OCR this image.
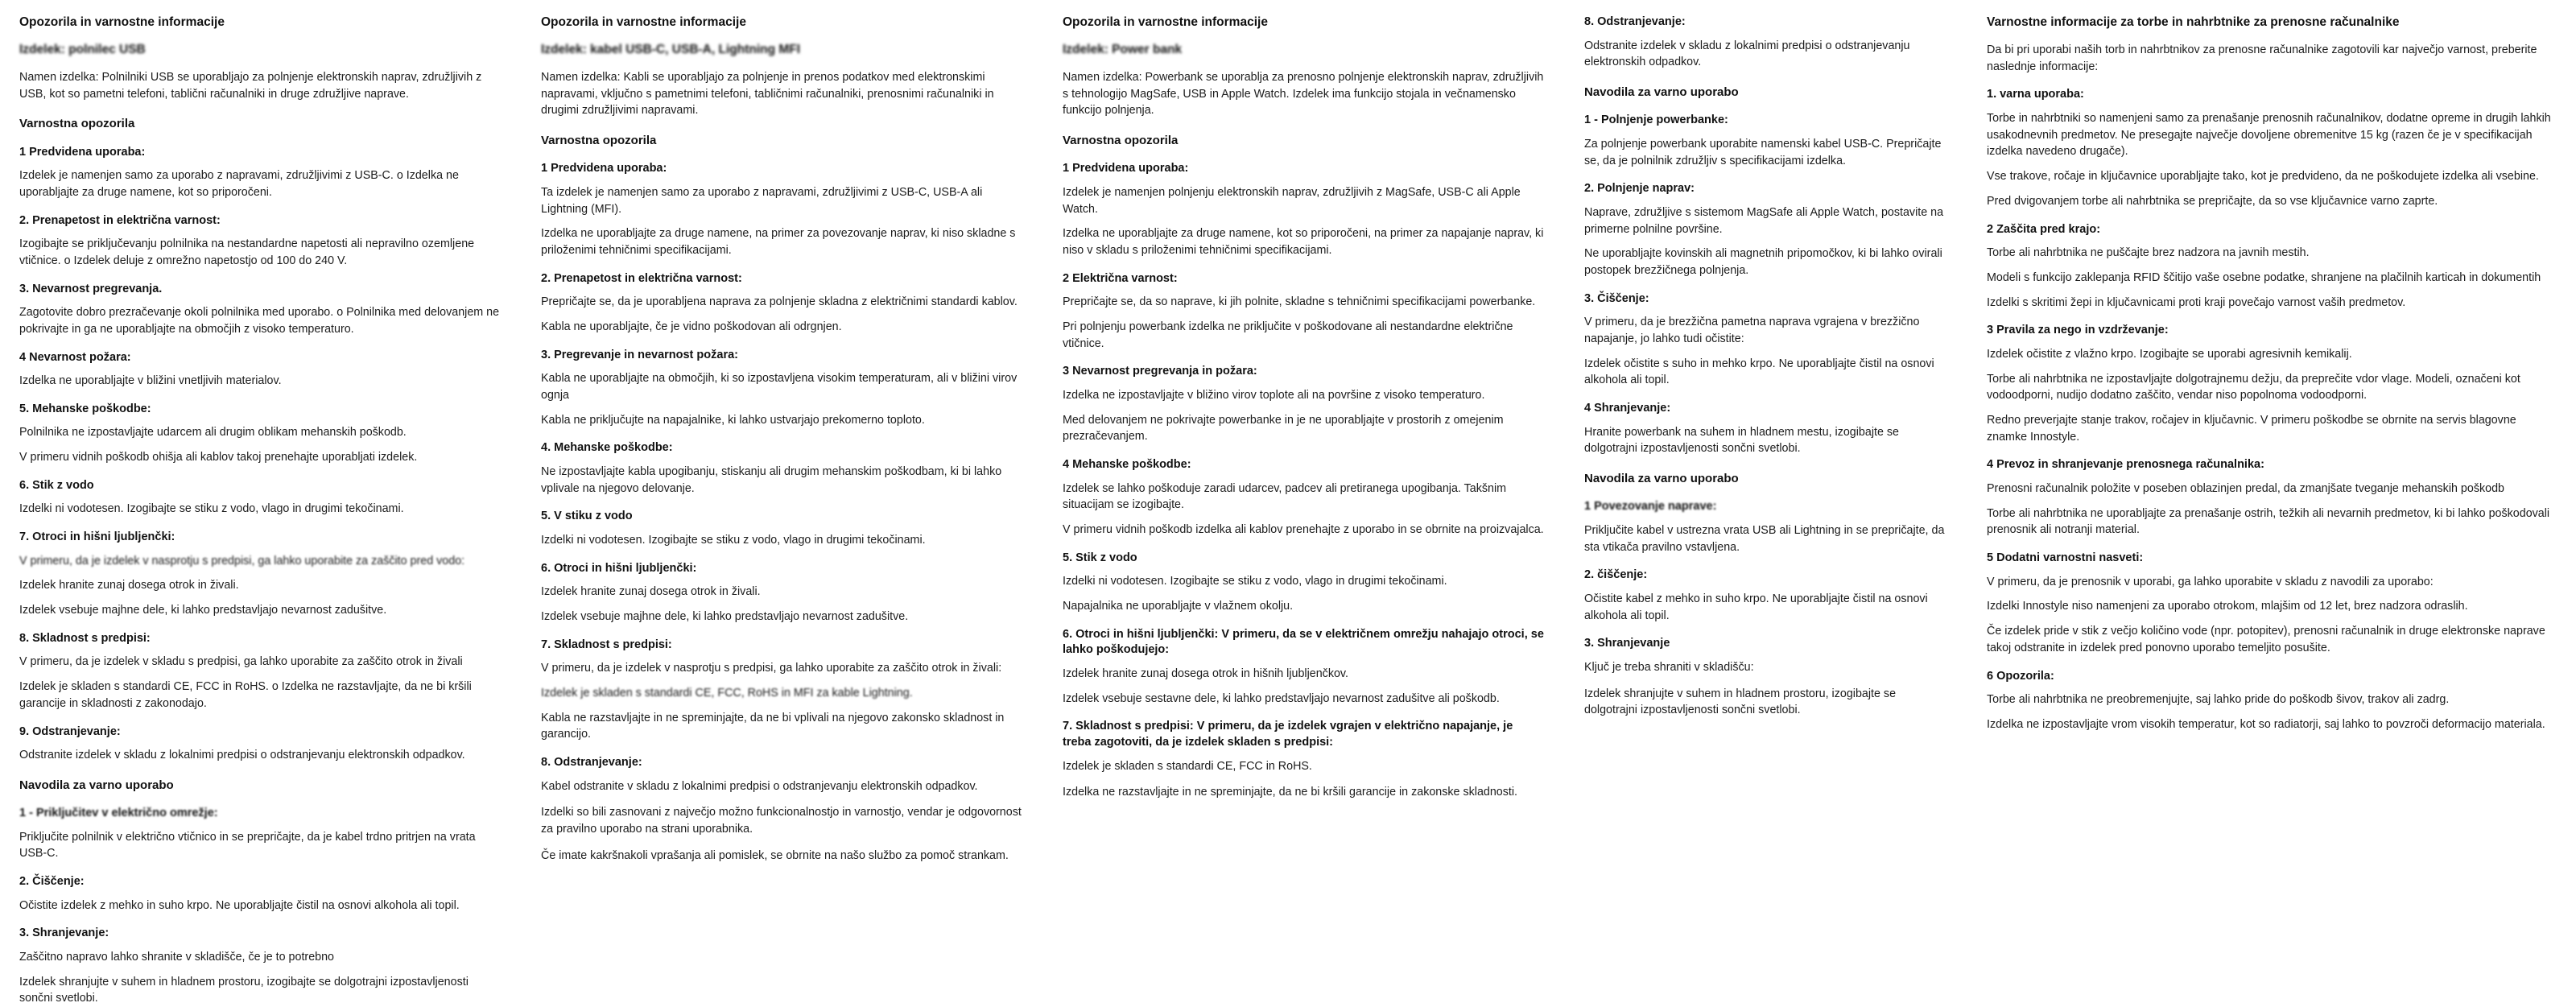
Opozorila in varnostne informacije
Izdelek: polnilec USB
Namen izdelka: Polnilniki USB se uporabljajo za polnjenje elektronskih naprav, združljivih z USB, kot so pametni telefoni, tablični računalniki in druge združljive naprave.
Varnostna opozorila
1 Predvidena uporaba:
Izdelek je namenjen samo za uporabo z napravami, združljivimi z USB-C. o Izdelka ne uporabljajte za druge namene, kot so priporočeni.
2. Prenapetost in električna varnost:
Izogibajte se priključevanju polnilnika na nestandardne napetosti ali nepravilno ozemljene vtičnice. o Izdelek deluje z omrežno napetostjo od 100 do 240 V.
3. Nevarnost pregrevanja.
Zagotovite dobro prezračevanje okoli polnilnika med uporabo. o Polnilnika med delovanjem ne pokrivajte in ga ne uporabljajte na območjih z visoko temperaturo.
4 Nevarnost požara:
Izdelka ne uporabljajte v bližini vnetljivih materialov.
5. Mehanske poškodbe:
Polnilnika ne izpostavljajte udarcem ali drugim oblikam mehanskih poškodb.
V primeru vidnih poškodb ohišja ali kablov takoj prenehajte uporabljati izdelek.
6. Stik z vodo
Izdelki ni vodotesen. Izogibajte se stiku z vodo, vlago in drugimi tekočinami.
7. Otroci in hišni ljubljenčki:
V primeru, da je izdelek v nasprotju s predpisi, ga lahko uporabite za zaščito pred vodo:
Izdelek hranite zunaj dosega otrok in živali.
Izdelek vsebuje majhne dele, ki lahko predstavljajo nevarnost zadušitve.
8. Skladnost s predpisi:
V primeru, da je izdelek v skladu s predpisi, ga lahko uporabite za zaščito otrok in živali
Izdelek je skladen s standardi CE, FCC in RoHS. o Izdelka ne razstavljajte, da ne bi kršili garancije in skladnosti z zakonodajo.
9. Odstranjevanje:
Odstranite izdelek v skladu z lokalnimi predpisi o odstranjevanju elektronskih odpadkov.
Navodila za varno uporabo
1 - Priključitev v električno omrežje:
Priključite polnilnik v električno vtičnico in se prepričajte, da je kabel trdno pritrjen na vrata USB-C.
2. Čiščenje:
Očistite izdelek z mehko in suho krpo. Ne uporabljajte čistil na osnovi alkohola ali topil.
3. Shranjevanje:
Zaščitno napravo lahko shranite v skladišče, če je to potrebno
Izdelek shranjujte v suhem in hladnem prostoru, izogibajte se dolgotrajni izpostavljenosti sončni svetlobi.
Opozorila in varnostne informacije
Izdelek: kabel USB-C, USB-A, Lightning MFI
Namen izdelka: Kabli se uporabljajo za polnjenje in prenos podatkov med elektronskimi napravami, vključno s pametnimi telefoni, tabličnimi računalniki, prenosnimi računalniki in drugimi združljivimi napravami.
Varnostna opozorila
1 Predvidena uporaba:
Ta izdelek je namenjen samo za uporabo z napravami, združljivimi z USB-C, USB-A ali Lightning (MFI).
Izdelka ne uporabljajte za druge namene, na primer za povezovanje naprav, ki niso skladne s priloženimi tehničnimi specifikacijami.
2. Prenapetost in električna varnost:
Prepričajte se, da je uporabljena naprava za polnjenje skladna z električnimi standardi kablov.
Kabla ne uporabljajte, če je vidno poškodovan ali odrgnjen.
3. Pregrevanje in nevarnost požara:
Kabla ne uporabljajte na območjih, ki so izpostavljena visokim temperaturam, ali v bližini virov ognja
Kabla ne priključujte na napajalnike, ki lahko ustvarjajo prekomerno toploto.
4. Mehanske poškodbe:
Ne izpostavljajte kabla upogibanju, stiskanju ali drugim mehanskim poškodbam, ki bi lahko vplivale na njegovo delovanje.
5. V stiku z vodo
Izdelki ni vodotesen. Izogibajte se stiku z vodo, vlago in drugimi tekočinami.
6. Otroci in hišni ljubljenčki:
Izdelek hranite zunaj dosega otrok in živali.
Izdelek vsebuje majhne dele, ki lahko predstavljajo nevarnost zadušitve.
7. Skladnost s predpisi:
V primeru, da je izdelek v nasprotju s predpisi, ga lahko uporabite za zaščito otrok in živali:
Izdelek je skladen s standardi CE, FCC, RoHS in MFI za kable Lightning.
Kabla ne razstavljajte in ne spreminjajte, da ne bi vplivali na njegovo zakonsko skladnost in garancijo.
8. Odstranjevanje:
Kabel odstranite v skladu z lokalnimi predpisi o odstranjevanju elektronskih odpadkov.
Izdelki so bili zasnovani z največjo možno funkcionalnostjo in varnostjo, vendar je odgovornost za pravilno uporabo na strani uporabnika.
Če imate kakršnakoli vprašanja ali pomislek, se obrnite na našo službo za pomoč strankam.
Opozorila in varnostne informacije
Izdelek: Power bank
Namen izdelka: Powerbank se uporablja za prenosno polnjenje elektronskih naprav, združljivih s tehnologijo MagSafe, USB in Apple Watch. Izdelek ima funkcijo stojala in večnamensko funkcijo polnjenja.
Varnostna opozorila
1 Predvidena uporaba:
Izdelek je namenjen polnjenju elektronskih naprav, združljivih z MagSafe, USB-C ali Apple Watch.
Izdelka ne uporabljajte za druge namene, kot so priporočeni, na primer za napajanje naprav, ki niso v skladu s priloženimi tehničnimi specifikacijami.
2 Električna varnost:
Prepričajte se, da so naprave, ki jih polnite, skladne s tehničnimi specifikacijami powerbanke.
Pri polnjenju powerbank izdelka ne priključite v poškodovane ali nestandardne električne vtičnice.
3 Nevarnost pregrevanja in požara:
Izdelka ne izpostavljajte v bližino virov toplote ali na površine z visoko temperaturo.
Med delovanjem ne pokrivajte powerbanke in je ne uporabljajte v prostorih z omejenim prezračevanjem.
4 Mehanske poškodbe:
Izdelek se lahko poškoduje zaradi udarcev, padcev ali pretiranega upogibanja. Takšnim situacijam se izogibajte.
V primeru vidnih poškodb izdelka ali kablov prenehajte z uporabo in se obrnite na proizvajalca.
5. Stik z vodo
Izdelki ni vodotesen. Izogibajte se stiku z vodo, vlago in drugimi tekočinami.
Napajalnika ne uporabljajte v vlažnem okolju.
6. Otroci in hišni ljubljenčki: V primeru, da se v električnem omrežju nahajajo otroci, se lahko poškodujejo:
Izdelek hranite zunaj dosega otrok in hišnih ljubljenčkov.
Izdelek vsebuje sestavne dele, ki lahko predstavljajo nevarnost zadušitve ali poškodb.
7. Skladnost s predpisi: V primeru, da je izdelek vgrajen v električno napajanje, je treba zagotoviti, da je izdelek skladen s predpisi:
Izdelek je skladen s standardi CE, FCC in RoHS.
Izdelka ne razstavljajte in ne spreminjajte, da ne bi kršili garancije in zakonske skladnosti.
8. Odstranjevanje:
Odstranite izdelek v skladu z lokalnimi predpisi o odstranjevanju elektronskih odpadkov.
Navodila za varno uporabo
1 - Polnjenje powerbanke:
Za polnjenje powerbank uporabite namenski kabel USB-C. Prepričajte se, da je polnilnik združljiv s specifikacijami izdelka.
2. Polnjenje naprav:
Naprave, združljive s sistemom MagSafe ali Apple Watch, postavite na primerne polnilne površine.
Ne uporabljajte kovinskih ali magnetnih pripomočkov, ki bi lahko ovirali postopek brezžičnega polnjenja.
3. Čiščenje:
V primeru, da je brezžična pametna naprava vgrajena v brezžično napajanje, jo lahko tudi očistite:
Izdelek očistite s suho in mehko krpo. Ne uporabljajte čistil na osnovi alkohola ali topil.
4 Shranjevanje:
Hranite powerbank na suhem in hladnem mestu, izogibajte se dolgotrajni izpostavljenosti sončni svetlobi.
Navodila za varno uporabo
1 Povezovanje naprave:
Priključite kabel v ustrezna vrata USB ali Lightning in se prepričajte, da sta vtikača pravilno vstavljena.
2. čiščenje:
Očistite kabel z mehko in suho krpo. Ne uporabljajte čistil na osnovi alkohola ali topil.
3. Shranjevanje
Ključ je treba shraniti v skladišču:
Izdelek shranjujte v suhem in hladnem prostoru, izogibajte se dolgotrajni izpostavljenosti sončni svetlobi.
Varnostne informacije za torbe in nahrbtnike za prenosne računalnike
Da bi pri uporabi naših torb in nahrbtnikov za prenosne računalnike zagotovili kar največjo varnost, preberite naslednje informacije:
1. varna uporaba:
Torbe in nahrbtniki so namenjeni samo za prenašanje prenosnih računalnikov, dodatne opreme in drugih lahkih usakodnevnih predmetov. Ne presegajte največje dovoljene obremenitve 15 kg (razen če je v specifikacijah izdelka navedeno drugače).
Vse trakove, ročaje in ključavnice uporabljajte tako, kot je predvideno, da ne poškodujete izdelka ali vsebine.
Pred dvigovanjem torbe ali nahrbtnika se prepričajte, da so vse ključavnice varno zaprte.
2 Zaščita pred krajo:
Torbe ali nahrbtnika ne puščajte brez nadzora na javnih mestih.
Modeli s funkcijo zaklepanja RFID ščitijo vaše osebne podatke, shranjene na plačilnih karticah in dokumentih
Izdelki s skritimi žepi in ključavnicami proti kraji povečajo varnost vaših predmetov.
3 Pravila za nego in vzdrževanje:
Izdelek očistite z vlažno krpo. Izogibajte se uporabi agresivnih kemikalij.
Torbe ali nahrbtnika ne izpostavljajte dolgotrajnemu dežju, da preprečite vdor vlage. Modeli, označeni kot vodoodporni, nudijo dodatno zaščito, vendar niso popolnoma vodoodporni.
Redno preverjajte stanje trakov, ročajev in ključavnic. V primeru poškodbe se obrnite na servis blagovne znamke Innostyle.
4 Prevoz in shranjevanje prenosnega računalnika:
Prenosni računalnik položite v poseben oblazinjen predal, da zmanjšate tveganje mehanskih poškodb
Torbe ali nahrbtnika ne uporabljajte za prenašanje ostrih, težkih ali nevarnih predmetov, ki bi lahko poškodovali prenosnik ali notranji material.
5 Dodatni varnostni nasveti:
V primeru, da je prenosnik v uporabi, ga lahko uporabite v skladu z navodili za uporabo:
Izdelki Innostyle niso namenjeni za uporabo otrokom, mlajšim od 12 let, brez nadzora odraslih.
Če izdelek pride v stik z večjo količino vode (npr. potopitev), prenosni računalnik in druge elektronske naprave takoj odstranite in izdelek pred ponovno uporabo temeljito posušite.
6 Opozorila:
Torbe ali nahrbtnika ne preobremenjujte, saj lahko pride do poškodb šivov, trakov ali zadrg.
Izdelka ne izpostavljajte vrom visokih temperatur, kot so radiatorji, saj lahko to povzroči deformacijo materiala.
